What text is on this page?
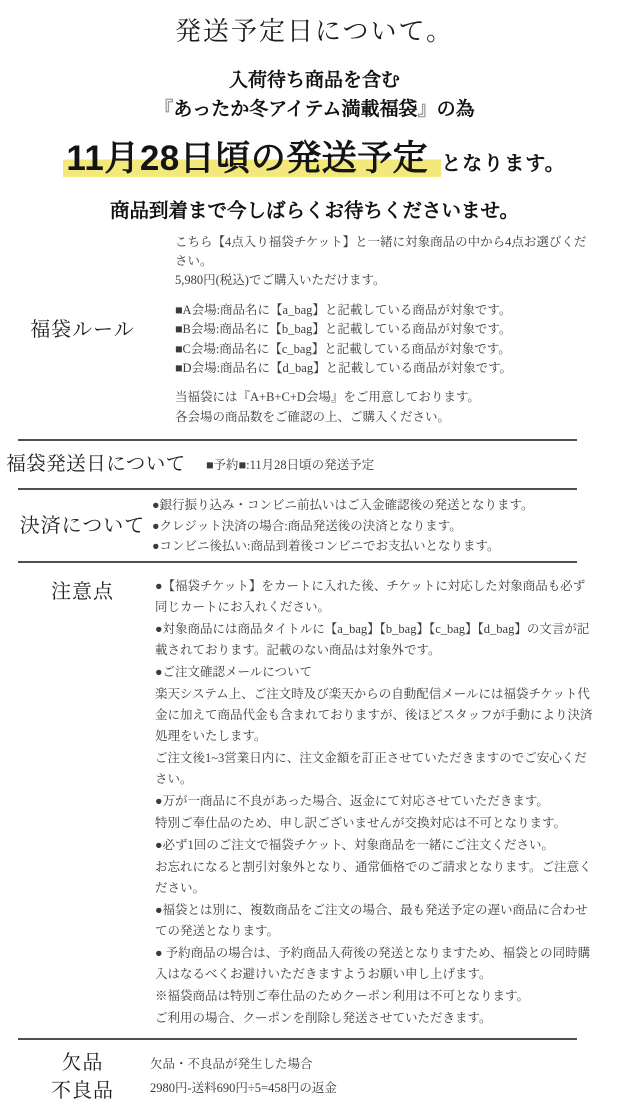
発送予定日について。
入荷待ち商品を含む
『あったか冬アイテム満載福袋』の為
11月28日頃の発送予定 となります。
商品到着まで今しばらくお待ちくださいませ。
福袋ルール
こちら【4点入り福袋チケット】と一緒に対象商品の中から4点お選びください。
5,980円(税込)でご購入いただけます。
■A会場:商品名に【a_bag】と記載している商品が対象です。
■B会場:商品名に【b_bag】と記載している商品が対象です。
■C会場:商品名に【c_bag】と記載している商品が対象です。
■D会場:商品名に【d_bag】と記載している商品が対象です。
当福袋には『A+B+C+D会場』をご用意しております。
各会場の商品数をご確認の上、ご購入ください。
福袋発送日について	■予約■:11月28日頃の発送予定
決済について
●銀行振り込み・コンビニ前払いはご入金確認後の発送となります。
●クレジット決済の場合:商品発送後の決済となります。
●コンビニ後払い:商品到着後コンビニでお支払いとなります。
注意点	●【福袋チケット】をカートに入れた後、チケットに対応した対象商品も必ず同じカートにお入れください。

●対象商品には商品タイトルに【a_bag】【b_bag】【c_bag】【d_bag】の文言が記載されております。記載のない商品は対象外です。

●ご注文確認メールについて

楽天システム上、ご注文時及び楽天からの自動配信メールには福袋チケット代金に加えて商品代金も含まれておりますが、後ほどスタッフが手動により決済処理をいたします。

ご注文後1~3営業日内に、注文金額を訂正させていただきますのでご安心ください。

●万が一商品に不良があった場合、返金にて対応させていただきます。

特別ご奉仕品のため、申し訳ございませんが交換対応は不可となります。

●必ず1回のご注文で福袋チケット、対象商品を一緒にご注文ください。

お忘れになると割引対象外となり、通常価格でのご請求となります。ご注意ください。

●福袋とは別に、複数商品をご注文の場合、最も発送予定の遅い商品に合わせての発送となります。

● 予約商品の場合は、予約商品入荷後の発送となりますため、福袋との同時購入はなるべくお避けいただきますようお願い申し上げます。

※福袋商品は特別ご奉仕品のためクーポン利用は不可となります。

ご利用の場合、クーポンを削除し発送させていただきます。

欠品
不良品
欠品・不良品が発生した場合
2980円-送料690円÷5=458円の返金
